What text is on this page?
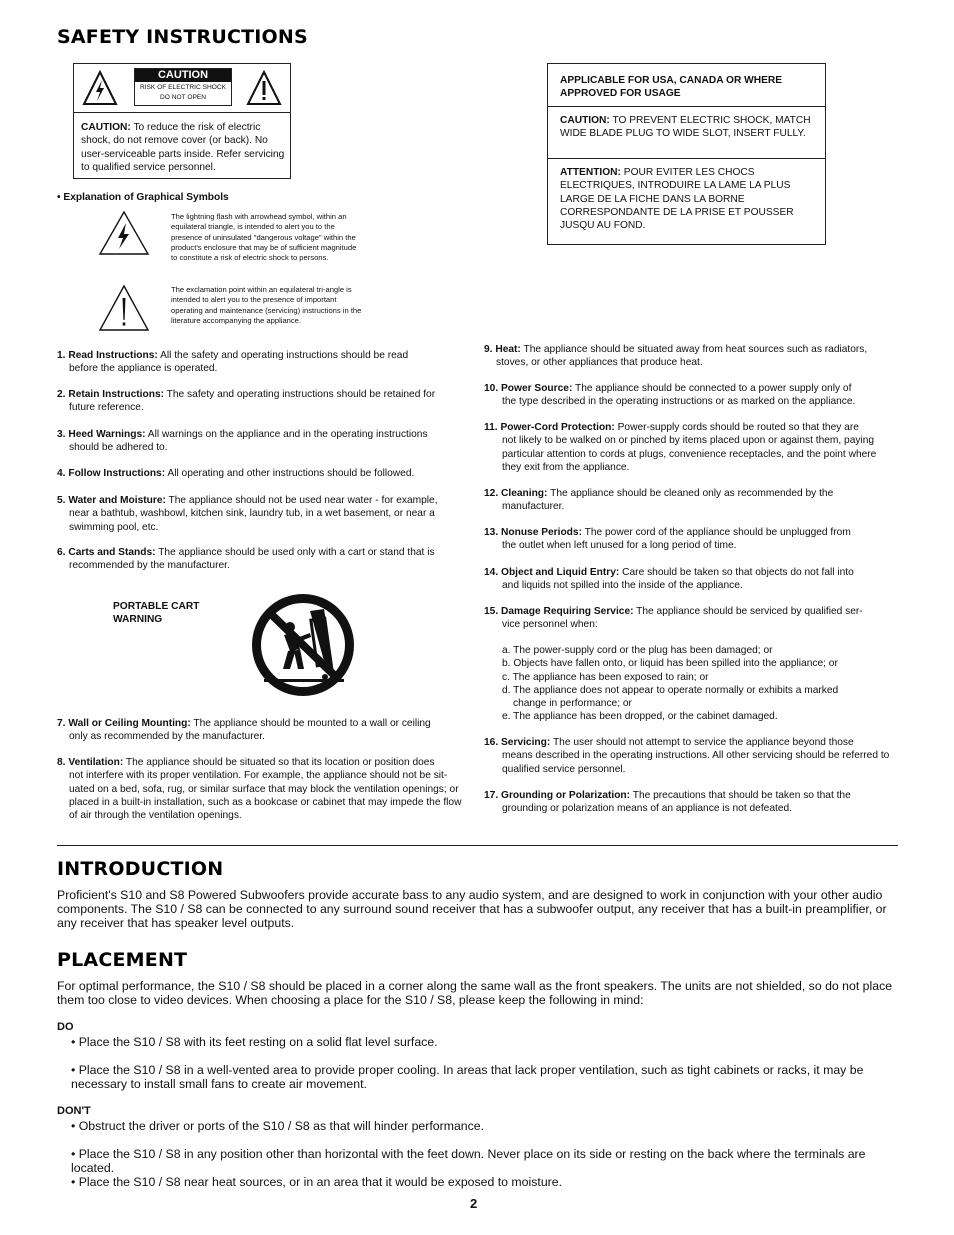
SAFETY INSTRUCTIONS
CAUTION
RISK OF ELECTRIC SHOCK
DO NOT OPEN
CAUTION: To reduce the risk of electric shock, do not remove cover (or back). No user-serviceable parts inside. Refer servicing to qualified service personnel.
• Explanation of Graphical Symbols
The lightning flash with arrowhead symbol, within an equilateral triangle, is intended to alert you to the presence of uninsulated "dangerous voltage" within the product's enclosure that may be of sufficient magnitude to constitute a risk of electric shock to persons.
The exclamation point within an equilateral tri-angle is intended to alert you to the presence of important operating and maintenance (servicing) instructions in the literature accompanying the appliance.
APPLICABLE FOR USA, CANADA OR WHERE APPROVED FOR USAGE
CAUTION: TO PREVENT ELECTRIC SHOCK, MATCH WIDE BLADE PLUG TO WIDE SLOT, INSERT FULLY.
ATTENTION: POUR EVITER LES CHOCS ELECTRIQUES, INTRODUIRE LA LAME LA PLUS LARGE DE LA FICHE DANS LA BORNE CORRESPONDANTE DE LA PRISE ET POUSSER JUSQU AU FOND.
1. Read Instructions: All the safety and operating instructions should be read
before the appliance is operated.
2. Retain Instructions: The safety and operating instructions should be retained for
future reference.
3. Heed Warnings: All warnings on the appliance and in the operating instructions
should be adhered to.
4. Follow Instructions: All operating and other instructions should be followed.
5. Water and Moisture: The appliance should not be used near water - for example,
near a bathtub, washbowl, kitchen sink, laundry tub, in a wet basement, or near a swimming pool, etc.
6. Carts and Stands: The appliance should be used only with a cart or stand that is
recommended by the manufacturer.
PORTABLE CART
WARNING
7. Wall or Ceiling Mounting: The appliance should be mounted to a wall or ceiling
only as recommended by the manufacturer.
8. Ventilation: The appliance should be situated so that its location or position does
not interfere with its proper ventilation. For example, the appliance should not be sit-uated on a bed, sofa, rug, or similar surface that may block the ventilation openings; or placed in a built-in installation, such as a bookcase or cabinet that may impede the flow of air through the ventilation openings.
9. Heat: The appliance should be situated away from heat sources such as radiators,
stoves, or other appliances that produce heat.
10. Power Source: The appliance should be connected to a power supply only of
the type described in the operating instructions or as marked on the appliance.
11. Power-Cord Protection: Power-supply cords should be routed so that they are
not likely to be walked on or pinched by items placed upon or against them, paying particular attention to cords at plugs, convenience receptacles, and the point where they exit from the appliance.
12. Cleaning: The appliance should be cleaned only as recommended by the
manufacturer.
13. Nonuse Periods: The power cord of the appliance should be unplugged from
the outlet when left unused for a long period of time.
14. Object and Liquid Entry: Care should be taken so that objects do not fall into
and liquids not spilled into the inside of the appliance.
15. Damage Requiring Service: The appliance should be serviced by qualified ser-
vice personnel when:
a. The power-supply cord or the plug has been damaged; or
b. Objects have fallen onto, or liquid has been spilled into the appliance; or
c. The appliance has been exposed to rain; or
d. The appliance does not appear to operate normally or exhibits a marked
change in performance; or
e. The appliance has been dropped, or the cabinet damaged.
16. Servicing: The user should not attempt to service the appliance beyond those
means described in the operating instructions. All other servicing should be referred to qualified service personnel.
17. Grounding or Polarization: The precautions that should be taken so that the
grounding or polarization means of an appliance is not defeated.
INTRODUCTION
Proficient's S10 and S8 Powered Subwoofers provide accurate bass to any audio system, and are designed to work in conjunction with your other audio components. The S10 / S8 can be connected to any surround sound receiver that has a subwoofer output, any receiver that has a built-in preamplifier, or any receiver that has speaker level outputs.
PLACEMENT
For optimal performance, the S10 / S8 should be placed in a corner along the same wall as the front speakers. The units are not shielded, so do not place them too close to video devices. When choosing a place for the S10 / S8, please keep the following in mind:
DO
• Place the S10 / S8 with its feet resting on a solid flat level surface.
• Place the S10 / S8 in a well-vented area to provide proper cooling. In areas that lack proper ventilation, such as tight cabinets or racks, it may be necessary to install small fans to create air movement.
DON'T
• Obstruct the driver or ports of the S10 / S8 as that will hinder performance.
• Place the S10 / S8 in any position other than horizontal with the feet down. Never place on its side or resting on the back where the terminals are located.
• Place the S10 / S8 near heat sources, or in an area that it would be exposed to moisture.
2
